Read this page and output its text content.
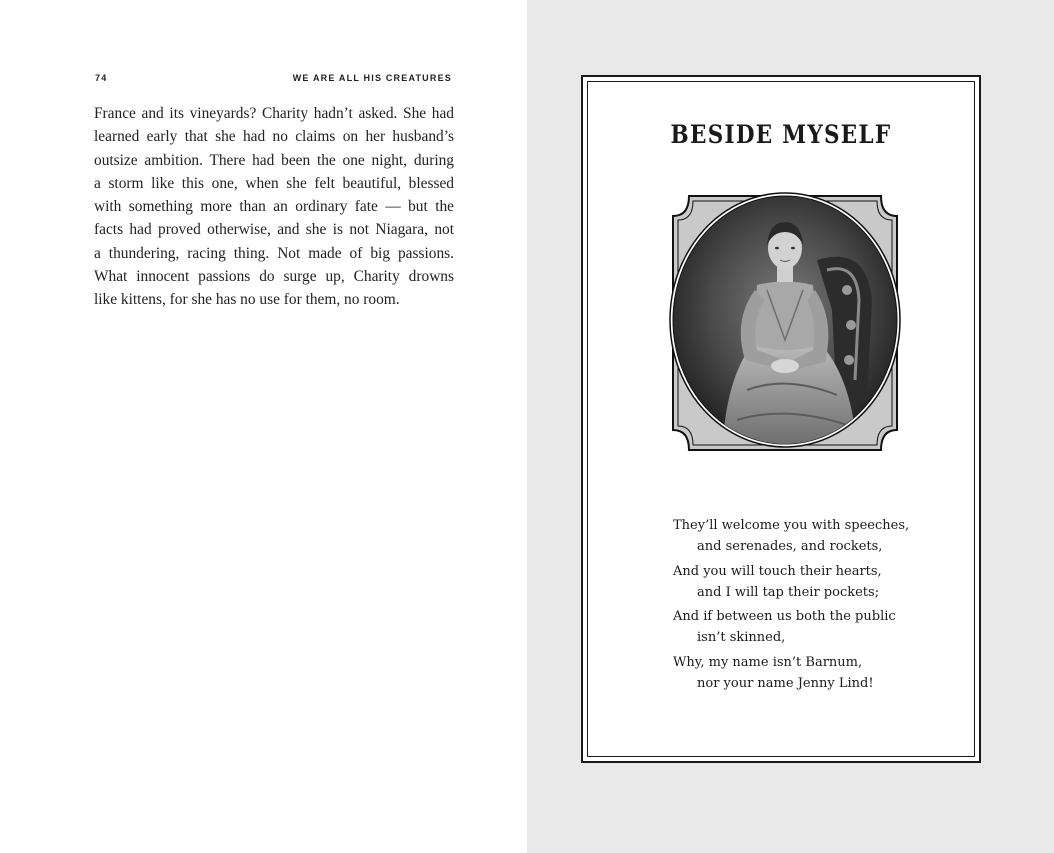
74	WE ARE ALL HIS CREATURES

France and its vineyards? Charity hadn’t asked. She had
learned early that she had no claims on her husband’s
outsize ambition. There had been the one night, during
a storm like this one, when she felt beautiful, blessed
with something more than an ordinary fate — but the
facts had proved otherwise, and she is not Niagara, not
a thundering, racing thing. Not made of big passions.
What innocent passions do surge up, Charity drowns
like kittens, for she has no use for them, no room.

BESIDE MYSELF
They’ll welcome you with speeches,
and serenades, and rockets,
And you will touch their hearts,
and I will tap their pockets;
And if between us both the public
isn’t skinned,
Why, my name isn’t Barnum,
nor your name Jenny Lind!
